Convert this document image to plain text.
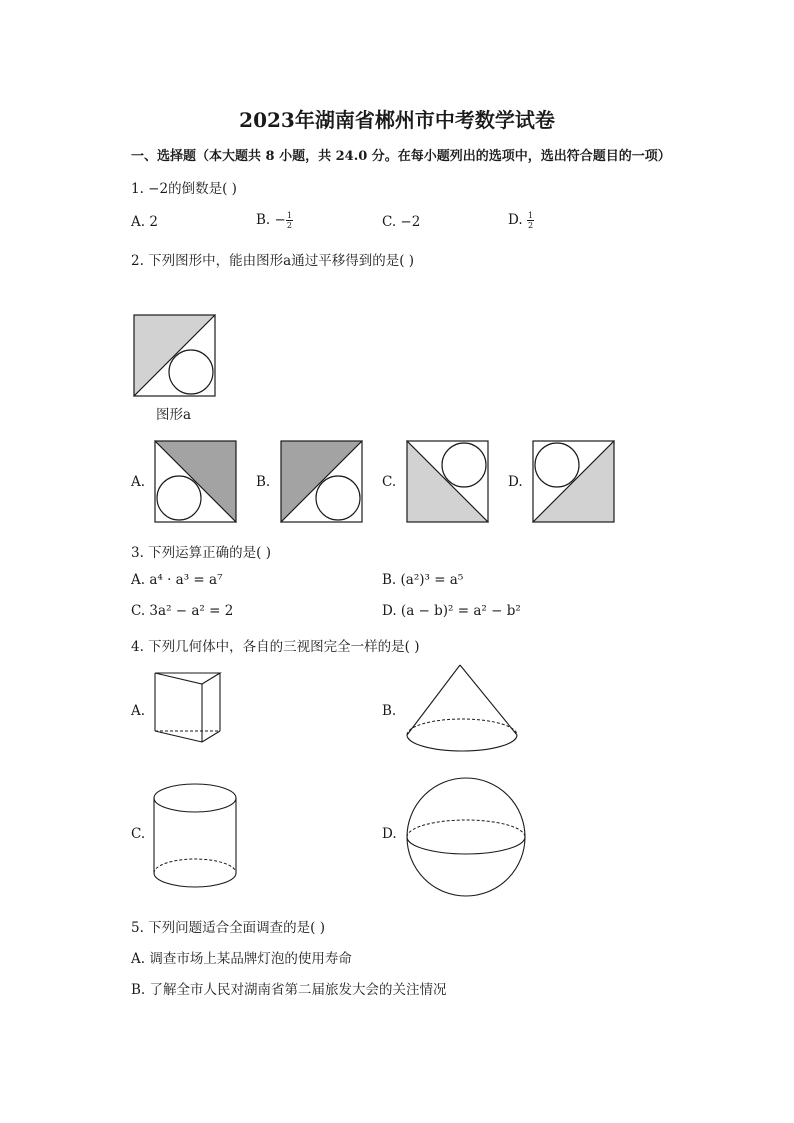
2023年湖南省郴州市中考数学试卷
一、选择题（本大题共 8 小题，共 24.0 分。在每小题列出的选项中，选出符合题目的一项）
1. −2的倒数是( )
A. 2	B. − $\frac{1}{2}$	C. −2	D. $\frac{1}{2}$
2. 下列图形中，能由图形a通过平移得到的是( )
图形a
A.	B.	C.	D.
3. 下列运算正确的是( )
A. a⁴ · a³ = a⁷	B. (a²)³ = a⁵
C. 3a² − a² = 2	D. (a − b)² = a² − b²
4. 下列几何体中，各自的三视图完全一样的是( )
A.	B.
C.	D.
5. 下列问题适合全面调查的是( )
A. 调查市场上某品牌灯泡的使用寿命
B. 了解全市人民对湖南省第二届旅发大会的关注情况
